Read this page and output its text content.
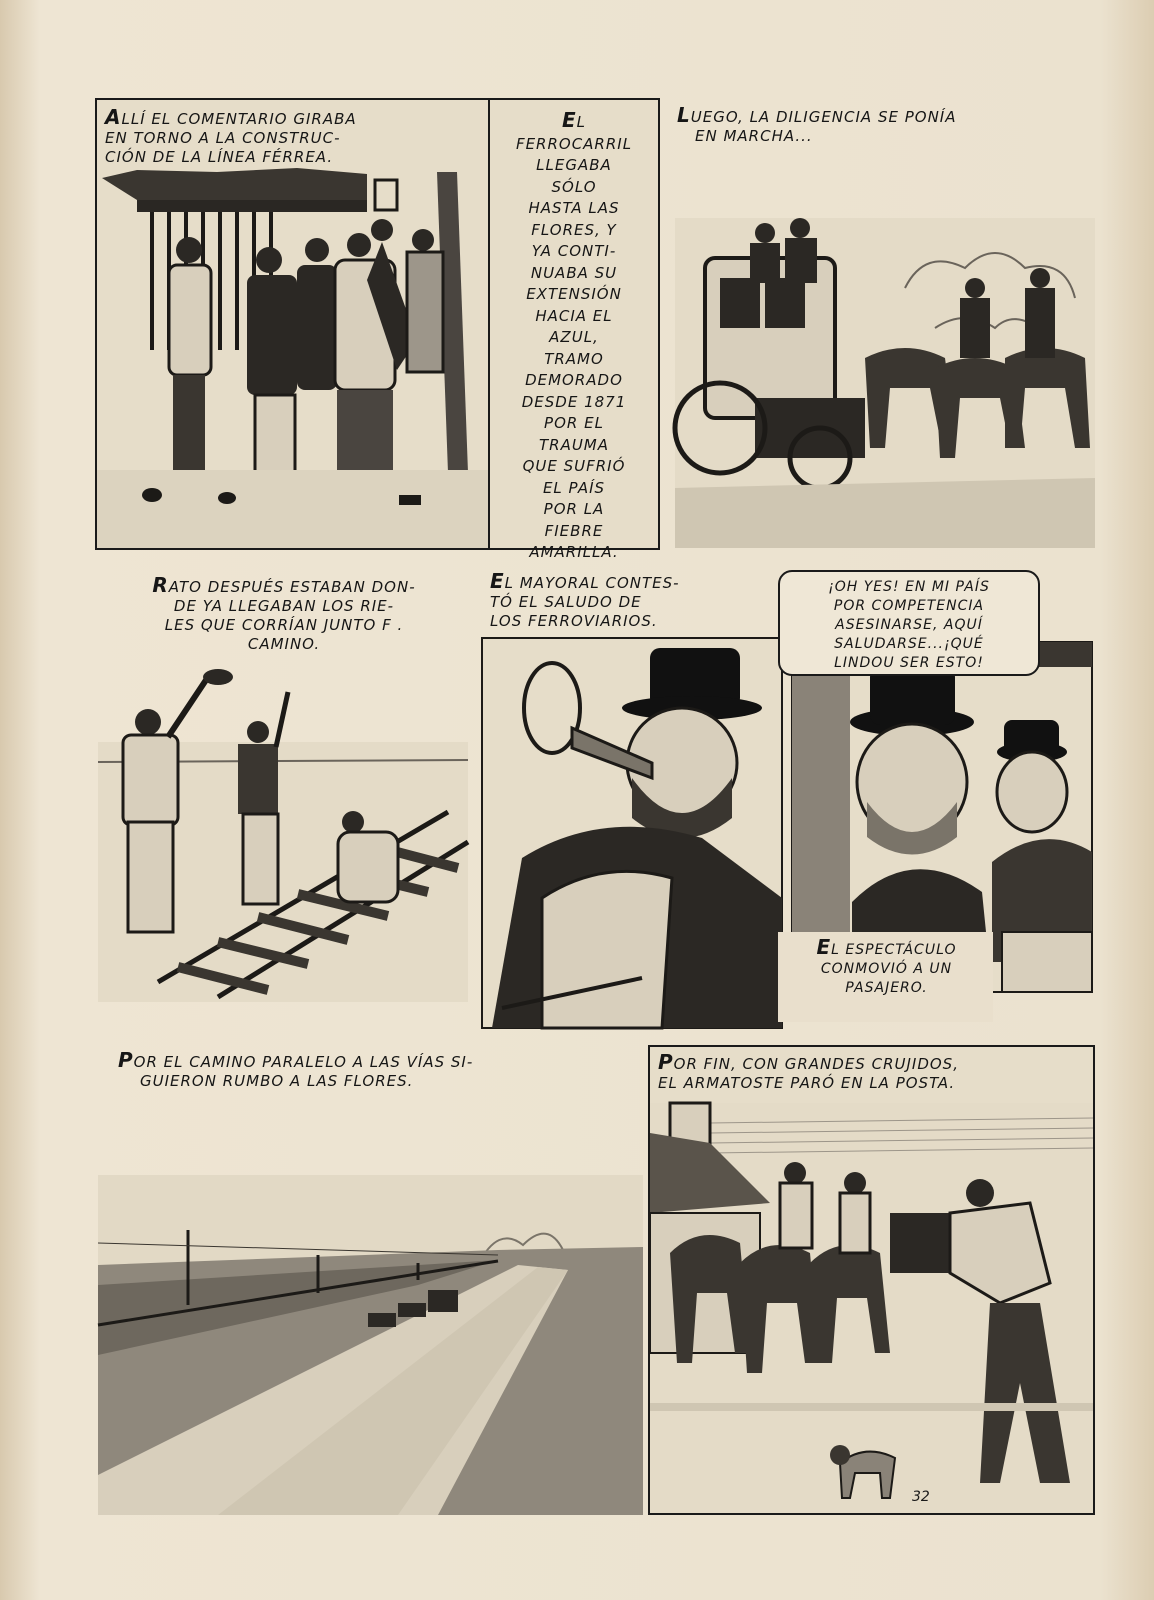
ALLÍ EL COMENTARIO GIRABA
EN TORNO A LA CONSTRUC-
CIÓN DE LA LÍNEA FÉRREA.
EL
FERROCARRIL
LLEGABA
SÓLO
HASTA LAS
FLORES, Y
YA CONTI-
NUABA SU
EXTENSIÓN
HACIA EL
AZUL,
TRAMO
DEMORADO
DESDE 1871
POR EL
TRAUMA
QUE SUFRIÓ
EL PAÍS
POR LA
FIEBRE
AMARILLA.
LUEGO, LA DILIGENCIA SE PONÍA
EN MARCHA...
RATO DESPUÉS ESTABAN DON-
DE YA LLEGABAN LOS RIE-
LES QUE CORRÍAN JUNTO F .
CAMINO.
EL MAYORAL CONTES-
TÓ EL SALUDO DE
LOS FERROVIARIOS.
¡OH YES! EN MI PAÍS
POR COMPETENCIA
ASESINARSE, AQUÍ
SALUDARSE...¡QUÉ
LINDOU SER ESTO!
EL ESPECTÁCULO
CONMOVIÓ A UN
PASAJERO.
POR EL CAMINO PARALELO A LAS VÍAS SI-
GUIERON RUMBO A LAS FLORES.
POR FIN, CON GRANDES CRUJIDOS,
EL ARMATOSTE PARÓ EN LA POSTA.
32
